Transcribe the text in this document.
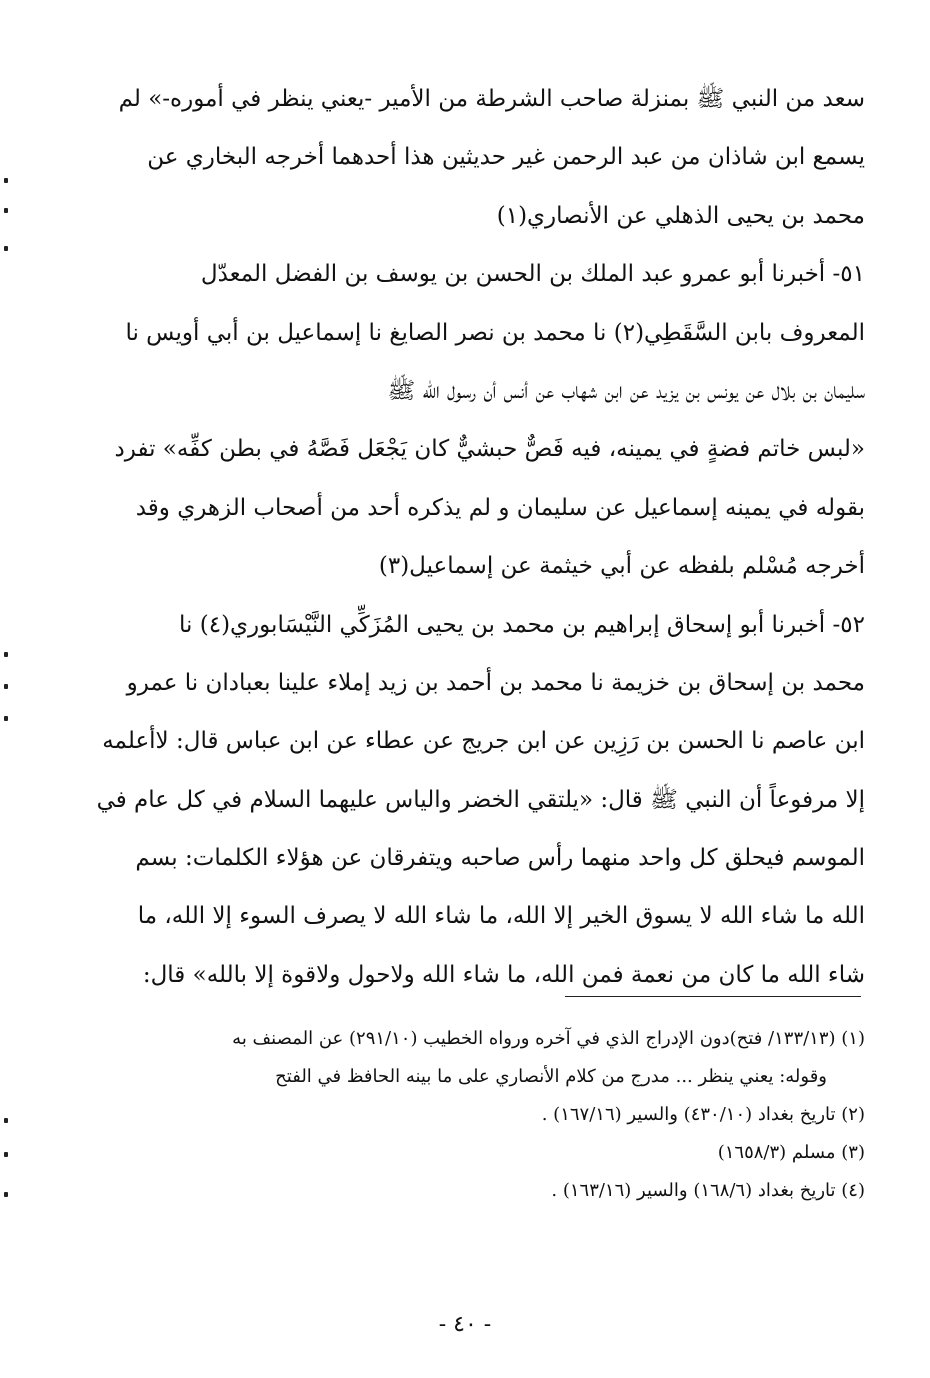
سعد من النبي ﷺ بمنزلة صاحب الشرطة من الأمير -يعني ينظر في أموره-» لم
يسمع ابن شاذان من عبد الرحمن غير حديثين هذا أحدهما أخرجه البخاري عن
محمد بن يحيى الذهلي عن الأنصاري(١)
٥١- أخبرنا أبو عمرو عبد الملك بن الحسن بن يوسف بن الفضل المعدّل
المعروف بابن السَّقَطِي(٢) نا محمد بن نصر الصايغ نا إسماعيل بن أبي أويس نا
سليمان بن بلال عن يونس بن يزيد عن ابن شهاب عن أنس أن رسول الله ﷺ
«لبس خاتم فضةٍ في يمينه، فيه فَصٌّ حبشيٌّ كان يَجْعَل فَصَّهُ في بطن كفِّه» تفرد
بقوله في يمينه إسماعيل عن سليمان و لم يذكره أحد من أصحاب الزهري وقد
أخرجه مُسْلم بلفظه عن أبي خيثمة عن إسماعيل(٣)
٥٢- أخبرنا أبو إسحاق إبراهيم بن محمد بن يحيى المُزَكِّي النَّيْسَابوري(٤) نا
محمد بن إسحاق بن خزيمة نا محمد بن أحمد بن زيد إملاء علينا بعبادان نا عمرو
ابن عاصم نا الحسن بن رَزِين عن ابن جريج عن عطاء عن ابن عباس قال: لاأعلمه
إلا مرفوعاً أن النبي ﷺ قال: «يلتقي الخضر والياس عليهما السلام في كل عام في
الموسم فيحلق كل واحد منهما رأس صاحبه ويتفرقان عن هؤلاء الكلمات: بسم
الله ما شاء الله لا يسوق الخير إلا الله، ما شاء الله لا يصرف السوء إلا الله، ما
شاء الله ما كان من نعمة فمن الله، ما شاء الله ولاحول ولاقوة إلا بالله» قال:
(١) (١٣٣/١٣/ فتح)دون الإدراج الذي في آخره ورواه الخطيب (٢٩١/١٠) عن المصنف به
وقوله: يعني ينظر ... مدرج من كلام الأنصاري على ما بينه الحافظ في الفتح
(٢) تاريخ بغداد (٤٣٠/١٠) والسير (١٦٧/١٦) .
(٣) مسلم (١٦٥٨/٣)
(٤) تاريخ بغداد (١٦٨/٦) والسير (١٦٣/١٦) .
- ٤٠ -
